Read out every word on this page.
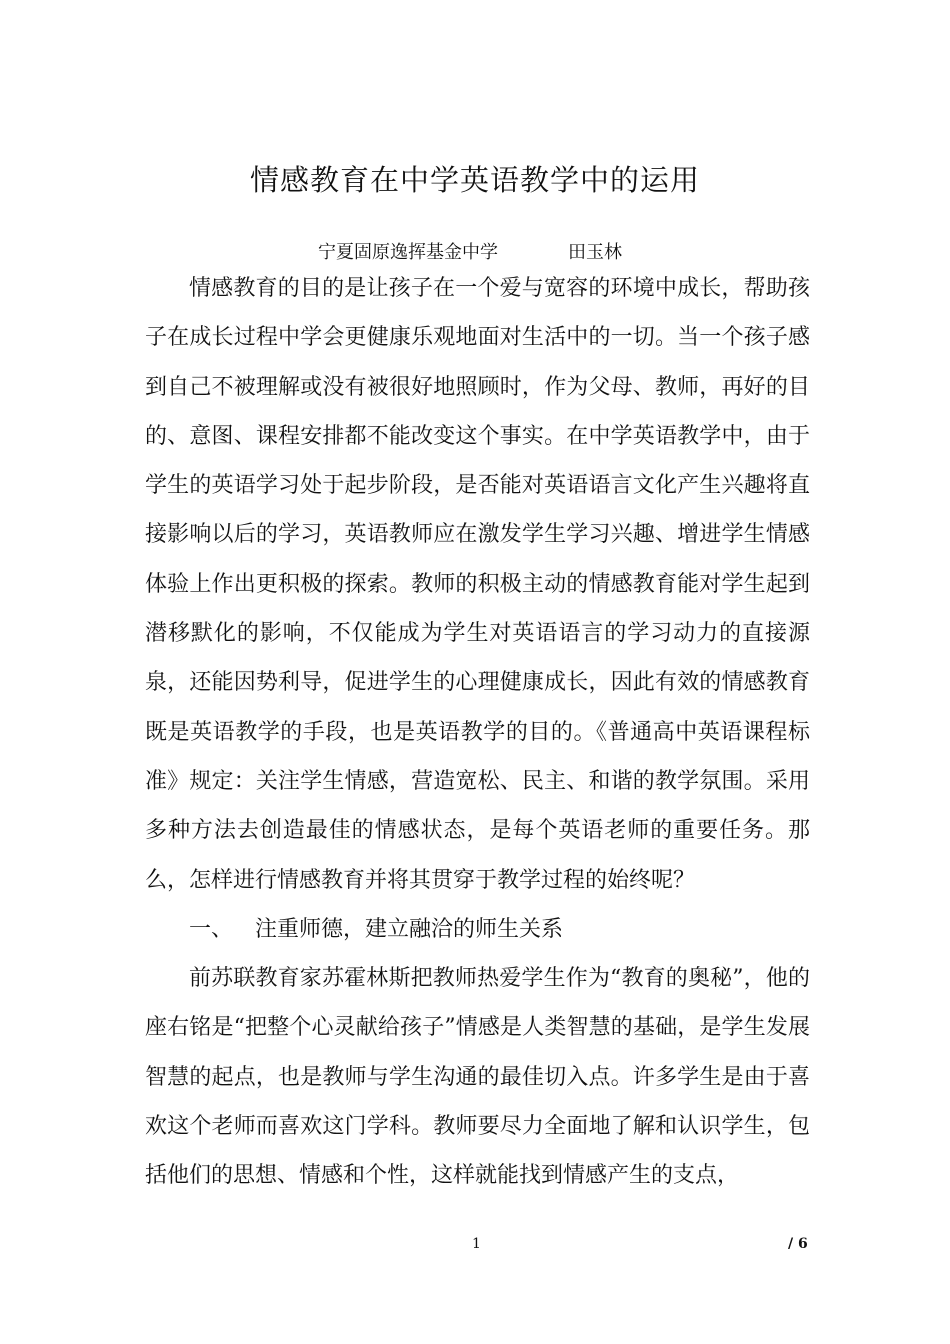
情感教育在中学英语教学中的运用
宁夏固原逸挥基金中学	田玉林

情感教育的目的是让孩子在一个爱与宽容的环境中成长，帮助孩子在成长过程中学会更健康乐观地面对生活中的一切。当一个孩子感到自己不被理解或没有被很好地照顾时，作为父母、教师，再好的目的、意图、课程安排都不能改变这个事实。在中学英语教学中，由于学生的英语学习处于起步阶段，是否能对英语语言文化产生兴趣将直接影响以后的学习，英语教师应在激发学生学习兴趣、增进学生情感体验上作出更积极的探索。教师的积极主动的情感教育能对学生起到潜移默化的影响，不仅能成为学生对英语语言的学习动力的直接源泉，还能因势利导，促进学生的心理健康成长，因此有效的情感教育既是英语教学的手段，也是英语教学的目的。《普通高中英语课程标准》规定：关注学生情感，营造宽松、民主、和谐的教学氛围。采用多种方法去创造最佳的情感状态，是每个英语老师的重要任务。那么，怎样进行情感教育并将其贯穿于教学过程的始终呢？

一、 注重师德，建立融洽的师生关系

前苏联教育家苏霍林斯把教师热爱学生作为“教育的奥秘”，他的座右铭是“把整个心灵献给孩子”情感是人类智慧的基础，是学生发展智慧的起点，也是教师与学生沟通的最佳切入点。许多学生是由于喜欢这个老师而喜欢这门学科。教师要尽力全面地了解和认识学生，包括他们的思想、情感和个性，这样就能找到情感产生的支点，

1	/ 6
